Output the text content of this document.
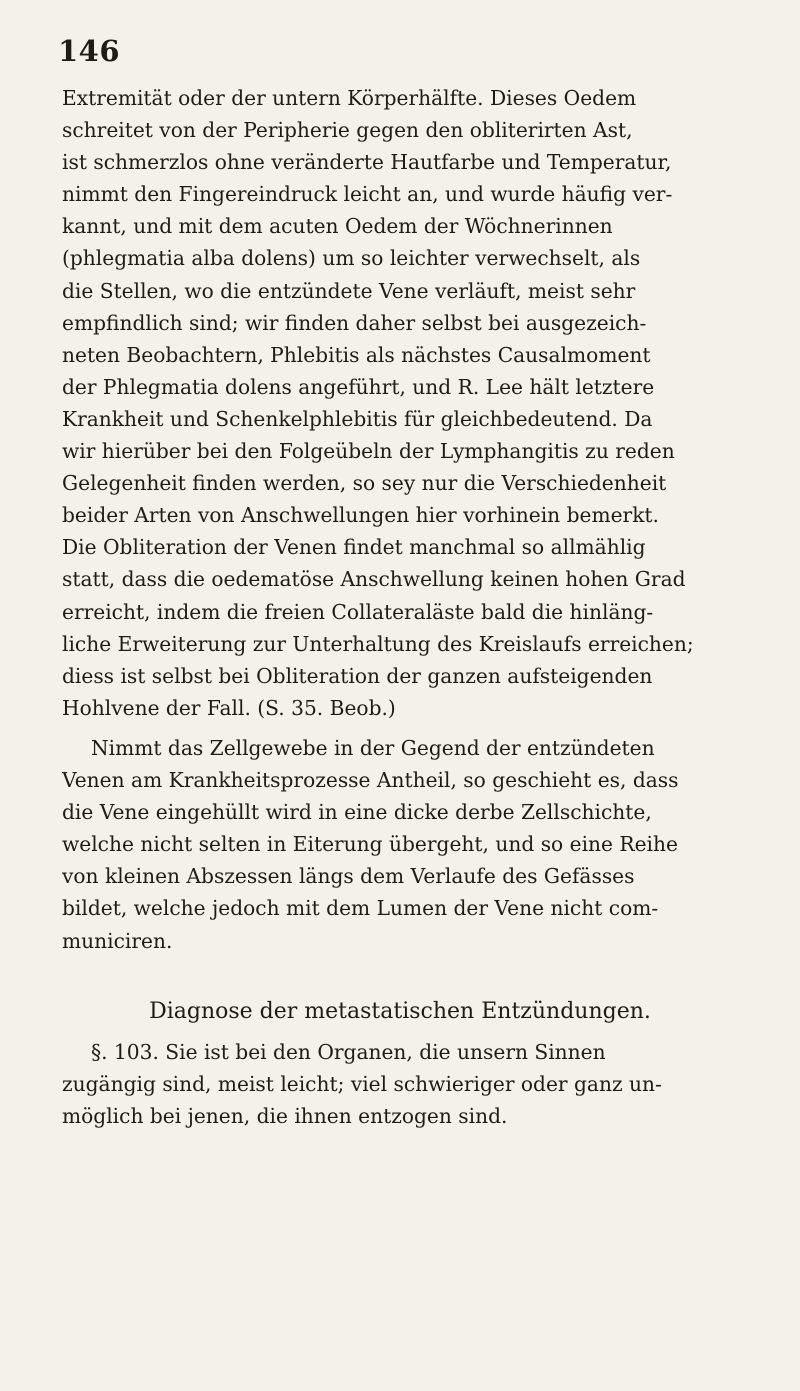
146
Extremität oder der untern Körperhälfte. Dieses Oedem
schreitet von der Peripherie gegen den obliterirten Ast,
ist schmerzlos ohne veränderte Hautfarbe und Temperatur,
nimmt den Fingereindruck leicht an, und wurde häufig ver-
kannt, und mit dem acuten Oedem der Wöchnerinnen
(phlegmatia alba dolens) um so leichter verwechselt, als
die Stellen, wo die entzündete Vene verläuft, meist sehr
empfindlich sind; wir finden daher selbst bei ausgezeich-
neten Beobachtern, Phlebitis als nächstes Causalmoment
der Phlegmatia dolens angeführt, und R. Lee hält letztere
Krankheit und Schenkelphlebitis für gleichbedeutend. Da
wir hierüber bei den Folgeübeln der Lymphangitis zu reden
Gelegenheit finden werden, so sey nur die Verschiedenheit
beider Arten von Anschwellungen hier vorhinein bemerkt.
Die Obliteration der Venen findet manchmal so allmählig
statt, dass die oedematöse Anschwellung keinen hohen Grad
erreicht, indem die freien Collateraläste bald die hinläng-
liche Erweiterung zur Unterhaltung des Kreislaufs erreichen;
diess ist selbst bei Obliteration der ganzen aufsteigenden
Hohlvene der Fall. (S. 35. Beob.)
Nimmt das Zellgewebe in der Gegend der entzündeten
Venen am Krankheitsprozesse Antheil, so geschieht es, dass
die Vene eingehüllt wird in eine dicke derbe Zellschichte,
welche nicht selten in Eiterung übergeht, und so eine Reihe
von kleinen Abszessen längs dem Verlaufe des Gefässes
bildet, welche jedoch mit dem Lumen der Vene nicht com-
municiren.
Diagnose der metastatischen Entzündungen.
§. 103. Sie ist bei den Organen, die unsern Sinnen
zugängig sind, meist leicht; viel schwieriger oder ganz un-
möglich bei jenen, die ihnen entzogen sind.
